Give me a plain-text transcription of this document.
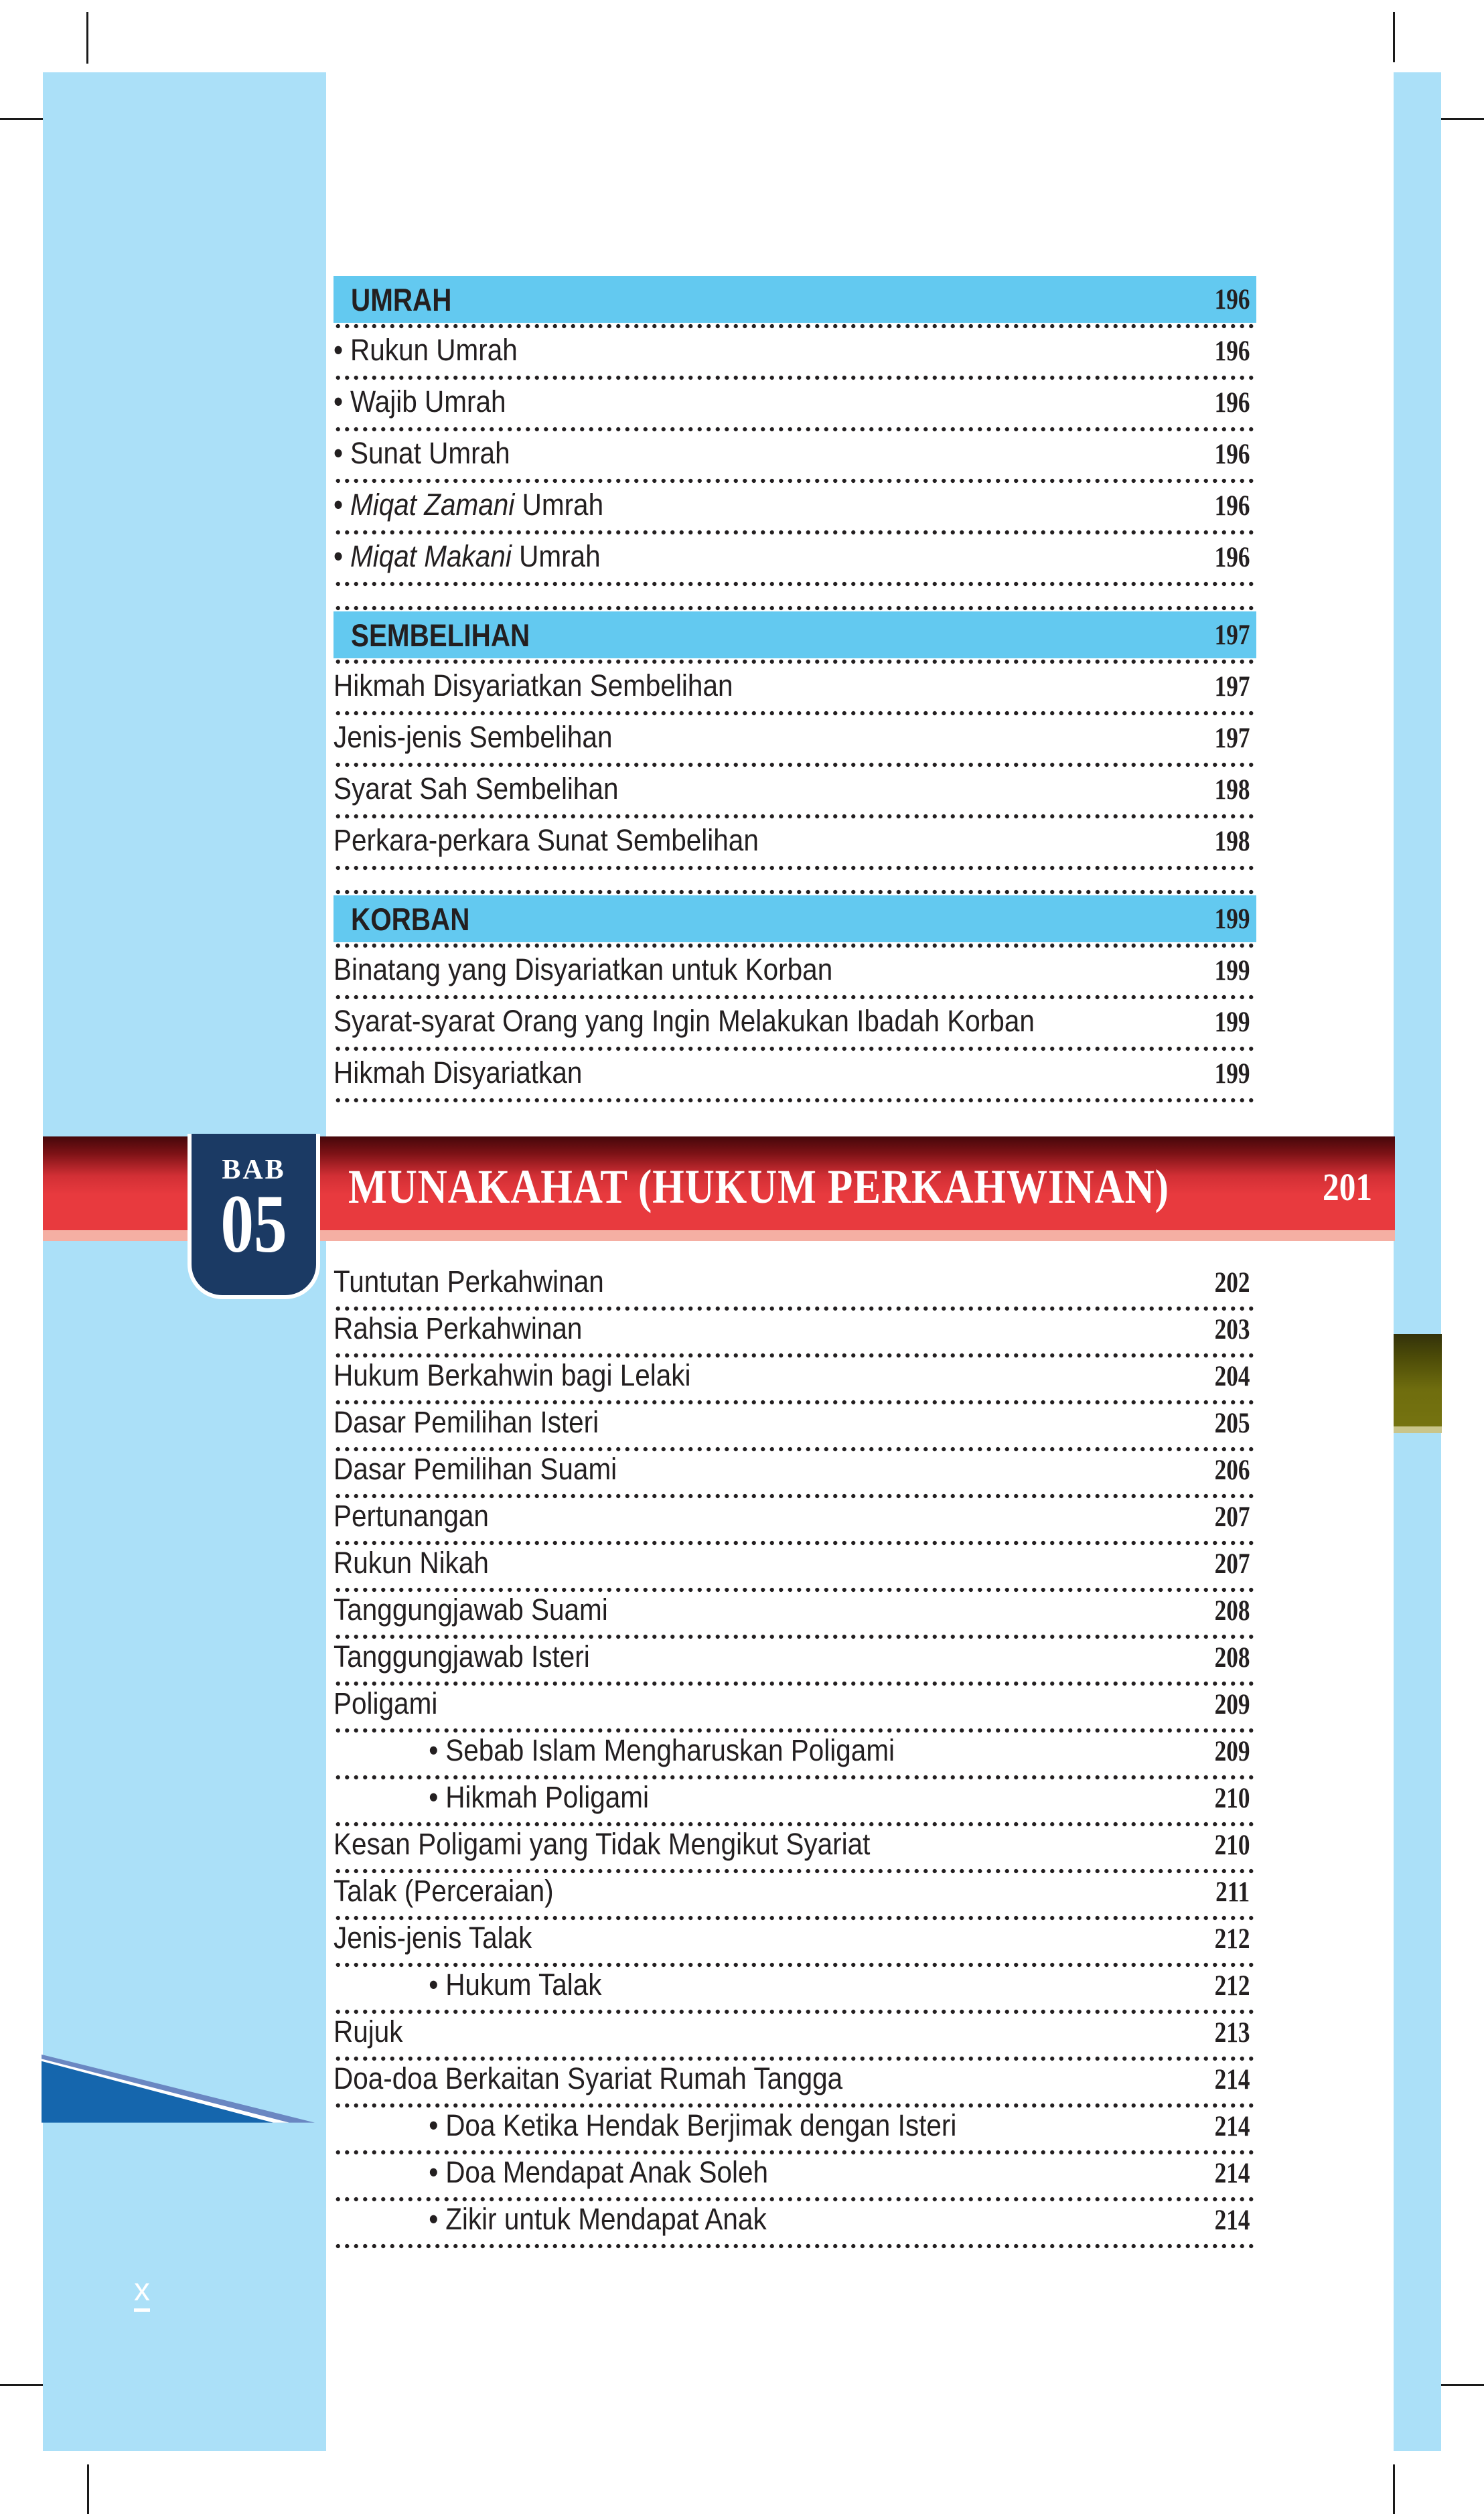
UMRAH	196
• Rukun Umrah	196
• Wajib Umrah	196
• Sunat Umrah	196
• Miqat Zamani Umrah	196
• Miqat Makani Umrah	196
SEMBELIHAN	197
Hikmah Disyariatkan Sembelihan	197
Jenis-jenis Sembelihan	197
Syarat Sah Sembelihan	198
Perkara-perkara Sunat Sembelihan	198
KORBAN	199
Binatang yang Disyariatkan untuk Korban	199
Syarat-syarat Orang yang Ingin Melakukan Ibadah Korban	199
Hikmah Disyariatkan	199
MUNAKAHAT (HUKUM PERKAHWINAN)	201
BAB
05
Tuntutan Perkahwinan	202
Rahsia Perkahwinan	203
Hukum Berkahwin bagi Lelaki	204
Dasar Pemilihan Isteri	205
Dasar Pemilihan Suami	206
Pertunangan	207
Rukun Nikah	207
Tanggungjawab Suami	208
Tanggungjawab Isteri	208
Poligami	209
• Sebab Islam Mengharuskan Poligami	209
• Hikmah Poligami	210
Kesan Poligami yang Tidak Mengikut Syariat	210
Talak (Perceraian)	211
Jenis-jenis Talak	212
• Hukum Talak	212
Rujuk	213
Doa-doa Berkaitan Syariat Rumah Tangga	214
• Doa Ketika Hendak Berjimak dengan Isteri	214
• Doa Mendapat Anak Soleh	214
• Zikir untuk Mendapat Anak	214
x
